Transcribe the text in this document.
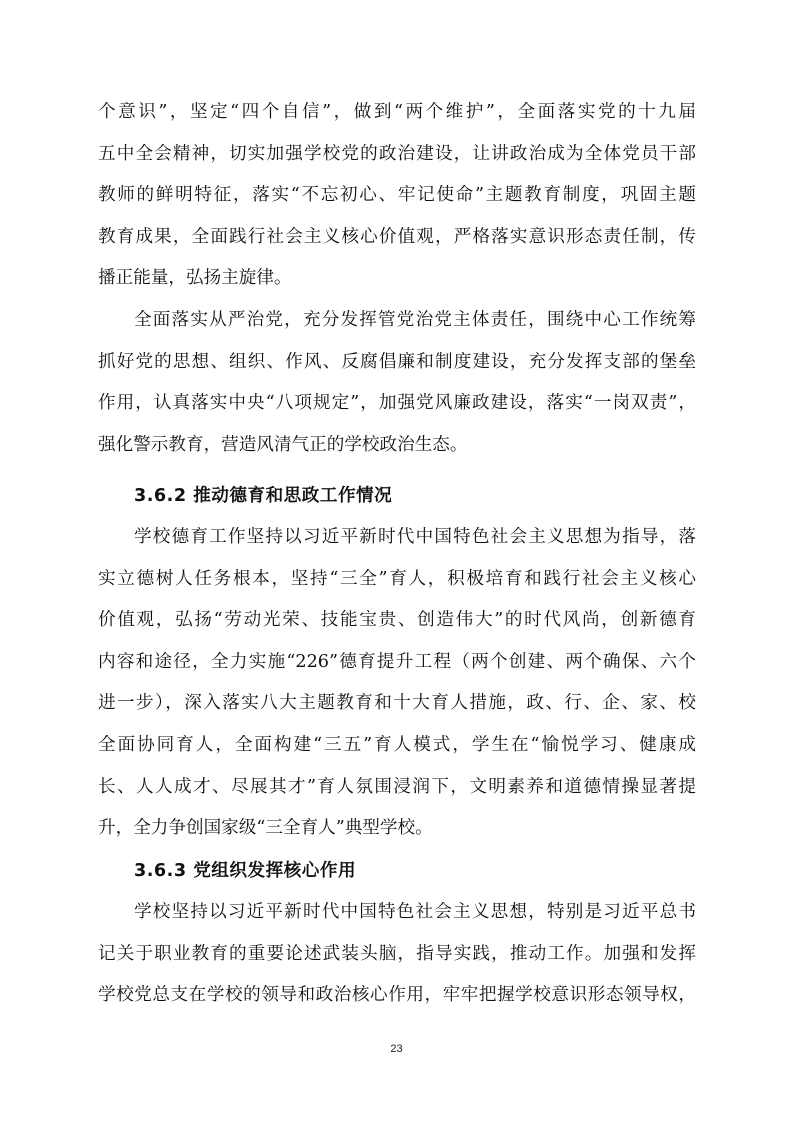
个意识”，坚定“四个自信”，做到“两个维护”，全面落实党的十九届
五中全会精神，切实加强学校党的政治建设，让讲政治成为全体党员干部
教师的鲜明特征，落实“不忘初心、牢记使命”主题教育制度，巩固主题
教育成果，全面践行社会主义核心价值观，严格落实意识形态责任制，传
播正能量，弘扬主旋律。
全面落实从严治党，充分发挥管党治党主体责任，围绕中心工作统筹
抓好党的思想、组织、作风、反腐倡廉和制度建设，充分发挥支部的堡垒
作用，认真落实中央“八项规定”，加强党风廉政建设，落实“一岗双责”，
强化警示教育，营造风清气正的学校政治生态。
3.6.2 推动德育和思政工作情况
学校德育工作坚持以习近平新时代中国特色社会主义思想为指导，落
实立德树人任务根本，坚持“三全”育人，积极培育和践行社会主义核心
价值观，弘扬“劳动光荣、技能宝贵、创造伟大”的时代风尚，创新德育
内容和途径，全力实施“226”德育提升工程（两个创建、两个确保、六个
进一步），深入落实八大主题教育和十大育人措施，政、行、企、家、校
全面协同育人，全面构建“三五”育人模式，学生在“愉悦学习、健康成
长、人人成才、尽展其才”育人氛围浸润下，文明素养和道德情操显著提
升，全力争创国家级“三全育人”典型学校。
3.6.3 党组织发挥核心作用
学校坚持以习近平新时代中国特色社会主义思想，特别是习近平总书
记关于职业教育的重要论述武装头脑，指导实践，推动工作。加强和发挥
学校党总支在学校的领导和政治核心作用，牢牢把握学校意识形态领导权，
23
